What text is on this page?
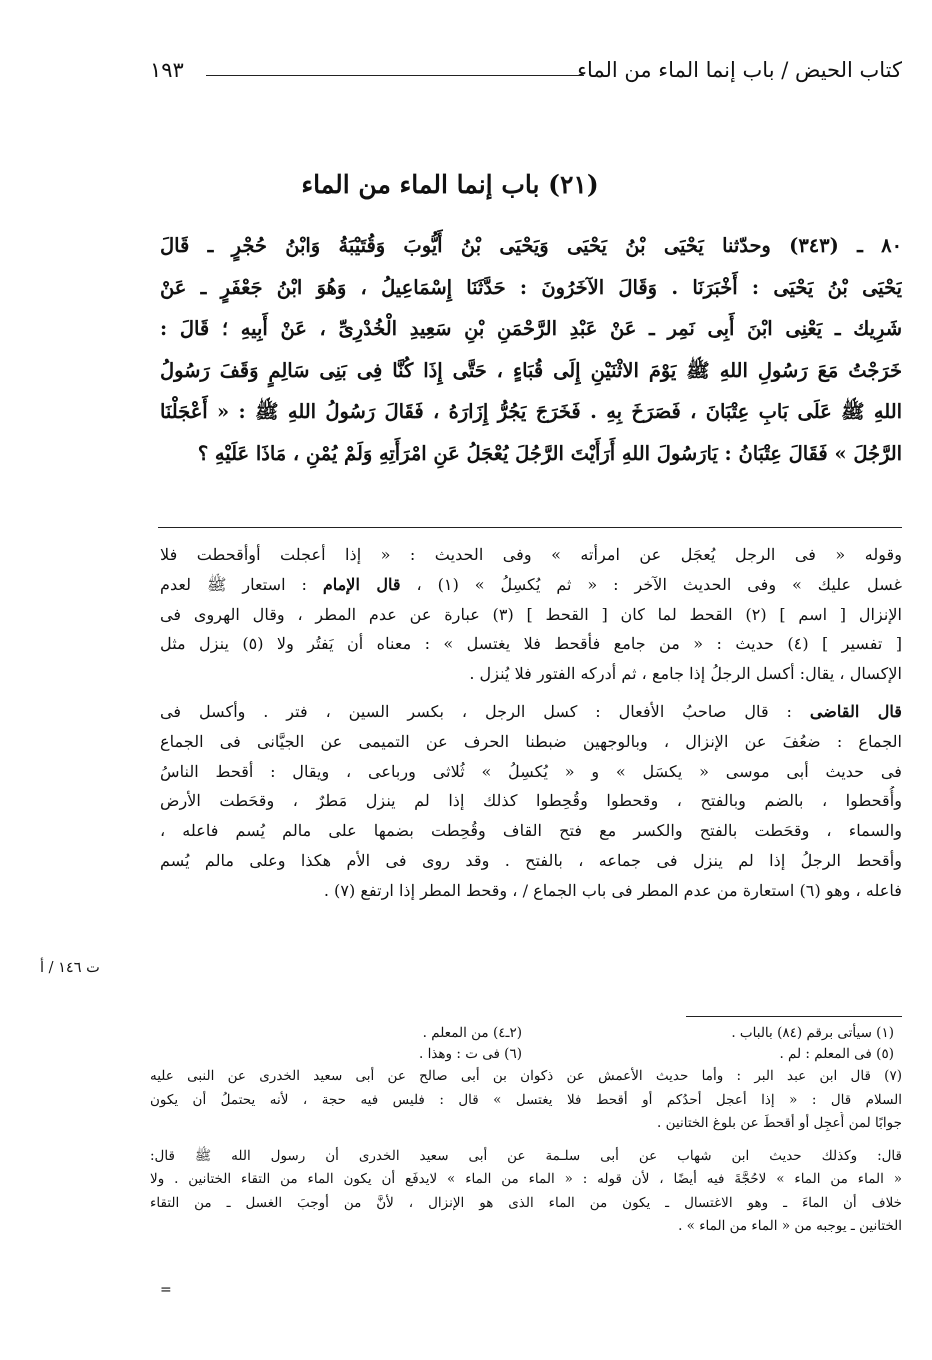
كتاب الحيض / باب إنما الماء من الماء
١٩٣
(٢١) باب إنما الماء من الماء
٨٠ ـ (٣٤٣) وحدّثنا يَحْيَى بْنُ يَحْيَى وَيَحْيَى بْنُ أَيُّوبَ وَقُتَيْبَةُ وَابْنُ حُجْرٍ ـ قَالَ
يَحْيَى بْنُ يَحْيَى : أَخْبَرَنَا . وَقَالَ الآخَرُونَ : حَدَّثَنَا إِسْمَاعِيلُ ، وَهُوَ ابْنُ جَعْفَرٍ ـ عَنْ
شَرِيك ـ يَعْنِى ابْنَ أَبِى نَمِر ـ عَنْ عَبْدِ الرَّحْمَنِ بْنِ سَعِيدِ الْخُدْرِىِّ ، عَنْ أَبِيهِ ؛ قَالَ :
خَرَجْتُ مَعَ رَسُولِ اللهِ ﷺ يَوْمَ الاثْنَيْنِ إِلَى قُبَاءٍ ، حَتَّى إِذَا كُنَّا فِى بَنِى سَالِمٍ وَقَفَ رَسُولُ
اللهِ ﷺ عَلَى بَابِ عِتْبَانَ ، فَصَرَخَ بِهِ . فَخَرَجَ يَجُرُّ إِزَارَهُ ، فَقَالَ رَسُولُ اللهِ ﷺ : « أَعْجَلْنَا
الرَّجُلَ » فَقَالَ عِتْبَانُ : يَارَسُولَ اللهِ أَرَأَيْتَ الرَّجُلَ يُعْجَلُ عَنِ امْرَأَتِهِ وَلَمْ يُمْنِ ، مَاذَا عَلَيْهِ ؟
وقوله « فى الرجل يُعجَل عن امرأته » وفى الحديث : « إذا أعجلت أوأقحطت فلا
غسل عليك » وفى الحديث الآخر : « ثم يُكسِلُ » (١) ، قال الإمام : استعار ﷺ لعدم
الإنزال [ اسم ] (٢) القحط لما كان [ القحط ] (٣) عبارة عن عدم المطر ، وقال الهروى فى
[ تفسير ] (٤) حديث : « من جامع فأقحط فلا يغتسل » : معناه أن يَفتُر ولا (٥) ينزل مثل
الإكسال ، يقال: أكسل الرجلُ إذا جامع ، ثم أدركه الفتور فلا يُنزل .
قال القاضى : قال صاحبُ الأفعال : كسل الرجل ، بكسر السين ، فتر . وأكسل فى
الجماع : ضعُفَ عن الإنزال ، وبالوجهين ضبطنا الحرف عن التميمى عن الجيَّانى فى الجماع
فى حديث أبى موسى « يكسَل » و « يُكسِلُ » ثُلاثى ورباعى ، ويقال : أقحط الناسُ
وأُقحطوا ، بالضم وبالفتح ، وقحطوا وقُحِطوا كذلك إذا لم ينزل مَطرٌ ، وقحَطت الأرض
والسماء ، وقحَطت بالفتح والكسر مع فتح القاف وقُحِطت بضمها على مالم يُسم فاعله ،
وأقحط الرجلُ إذا لم ينزل فى جماعه ، بالفتح . وقد روى فى الأم هكذا وعلى مالم يُسم
فاعله ، وهو (٦) استعارة من عدم المطر فى باب الجماع / ، وقحط المطر إذا ارتفع (٧) .
ت ١٤٦ / أ
(١) سيأتى برقم (٨٤) بالباب .
(٢ـ٤) من المعلم .
(٥) فى المعلم : لم .
(٦) فى ت : وهذا .
(٧) قال ابن عبد البر : وأما حديث الأعمش عن ذكوان بن أبى صالح عن أبى سعيد الخدرى عن النبى عليه
السلام قال : « إذا أعجل أحدُكم أو أقحط فلا يغتسل » قال : فليس فيه حجة ، لأنه يحتملُ أن يكون
جوابًا لمن أُعجِل أو أقحطَ عن بلوغ الختانين .
قال: وكذلك حديث ابن شهاب عن أبى سلـمة عن أبى سعيد الخدرى أن رسول الله ﷺ قال:
« الماء من الماء » لاحُجَّةَ فيه أيضًا ، لأن قوله : « الماء من الماء » لايدفَع أن يكون الماء من التقاء الختانين . ولا
خلاف أن الماءَ ـ وهو الاغتسال ـ يكون من الماء الذى هو الإنزال ، لأنَّ من أوجبَ الغسل ـ من التقاء
الختانين ـ يوجبه من « الماء من الماء » .
=
